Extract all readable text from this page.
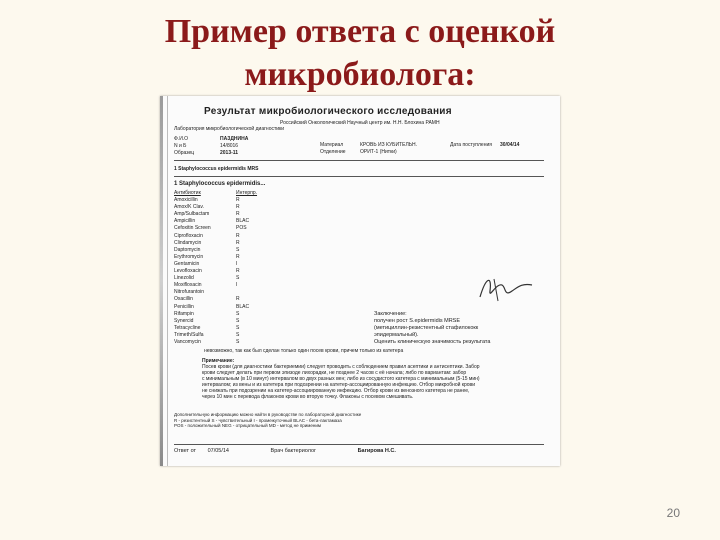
Пример ответа с оценкой
микробиолога:
Результат микробиологического исследования
Российский Онкологический Научный центр им. Н.Н. Блохина РАМН
Лаборатория микробиологической диагностики
Ф.И.О	ПАЗДНИНА
N и Б	14/8016
Образец	2013-11
Материал	КРОВЬ ИЗ КУБИТЕЛЬН.
Отделение	ОРИТ-1 (Нитки)
Дата поступления 30/04/14
1 Staphylococcus epidermidis MRS
1 Staphylococcus epidermidis...
Антибиотик	Интерпр.
Amoxicillin	R
Amox/K Clav.	R
Amp/Sulbactam	R
Ampicillin	BLAC
Cefoxitin Screen	POS
Ciprofloxacin	R
Clindamycin	R
Daptomycin	S
Erythromycin	R
Gentamicin	I
Levofloxacin	R
Linezolid	S
Moxifloxacin	I
Nitrofurantoin
Oxacillin	R
Penicillin	BLAC
Rifampin	S
Synercid	S
Tetracycline	S
Trimeth/Sulfa	S
Vancomycin	S
Заключение:
получен рост S.epidermidis MRSE
(метициллин-резистентный стафилококк
эпидермальный).
Оценить клиническую значимость результата
невозможно, так как был сделан только один посев крови, причем только из катетера
Примечание:
Посев крови (для диагностики бактериемии) следует проводить с соблюдением правил асептики и антисептики. Забор
крови следует делать при первом эпизоде лихорадки, не позднее 2 часов с её начала; либо по вариантам: забор
с минимальным (в 10 минут) интервалом во двух разных вен; либо из сосудистого катетера с минимальным (5-15 мин)
интервалом; из вены и из катетера при подозрении на катетер-ассоциированную инфекцию. Отбор микробной крови
не снижать при подозрении на катетер-ассоциированную инфекцию. Отбор крови из венозного катетера не ранее,
через 10 мин с перевода флаконов крови во вторую точку. Флаконы с посевом смешивать.
Дополнительную информацию можно найти в руководстве по лабораторной диагностике
R - резистентный S - чувствительный I - промежуточный BLAC - бета-лактамаза
POS - положительный NEG - отрицательный MD - метод не применим
Ответ от 07/05/14	Врач бактериолог	Багирова Н.С.
20
